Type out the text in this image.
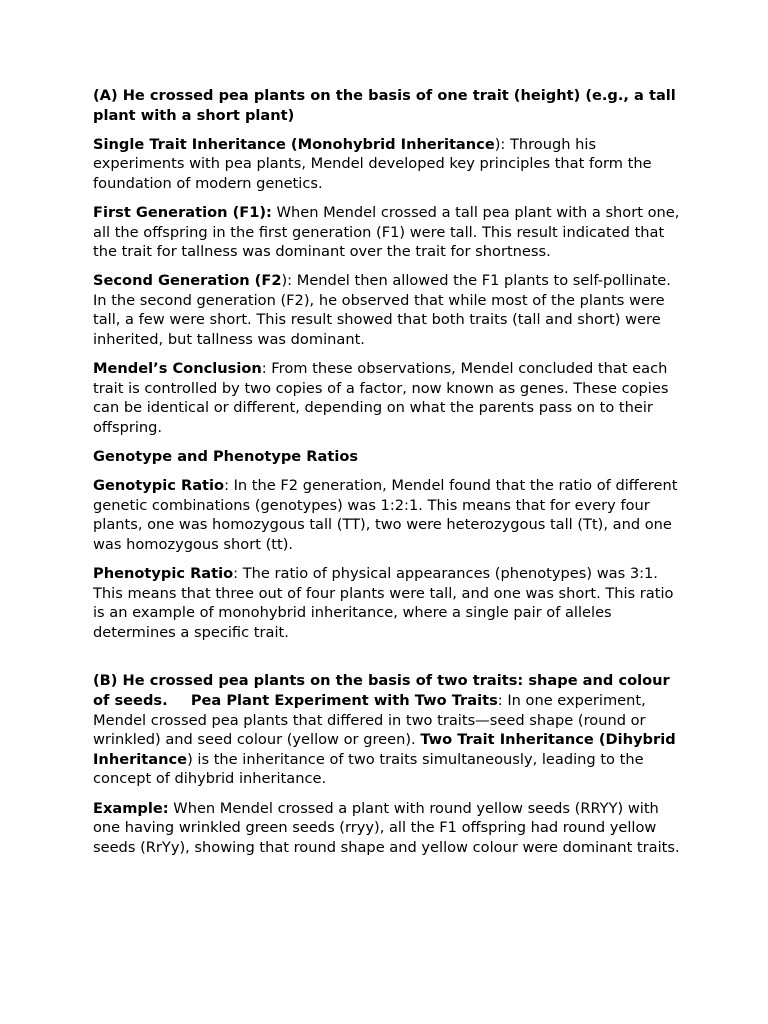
(A) He crossed pea plants on the basis of one trait (height) (e.g., a tall plant with a short plant)

Single Trait Inheritance (Monohybrid Inheritance): Through his experiments with pea plants, Mendel developed key principles that form the foundation of modern genetics.

First Generation (F1): When Mendel crossed a tall pea plant with a short one, all the offspring in the first generation (F1) were tall. This result indicated that the trait for tallness was dominant over the trait for shortness.

Second Generation (F2): Mendel then allowed the F1 plants to self-pollinate. In the second generation (F2), he observed that while most of the plants were tall, a few were short. This result showed that both traits (tall and short) were inherited, but tallness was dominant.

Mendel’s Conclusion: From these observations, Mendel concluded that each trait is controlled by two copies of a factor, now known as genes. These copies can be identical or different, depending on what the parents pass on to their offspring.

Genotype and Phenotype Ratios

Genotypic Ratio: In the F2 generation, Mendel found that the ratio of different genetic combinations (genotypes) was 1:2:1. This means that for every four plants, one was homozygous tall (TT), two were heterozygous tall (Tt), and one was homozygous short (tt).

Phenotypic Ratio: The ratio of physical appearances (phenotypes) was 3:1. This means that three out of four plants were tall, and one was short. This ratio is an example of monohybrid inheritance, where a single pair of alleles determines a specific trait.

(B) He crossed pea plants on the basis of two traits: shape and colour of seeds. Pea Plant Experiment with Two Traits: In one experiment, Mendel crossed pea plants that differed in two traits—seed shape (round or wrinkled) and seed colour (yellow or green). Two Trait Inheritance (Dihybrid Inheritance) is the inheritance of two traits simultaneously, leading to the concept of dihybrid inheritance.

Example: When Mendel crossed a plant with round yellow seeds (RRYY) with one having wrinkled green seeds (rryy), all the F1 offspring had round yellow seeds (RrYy), showing that round shape and yellow colour were dominant traits.
